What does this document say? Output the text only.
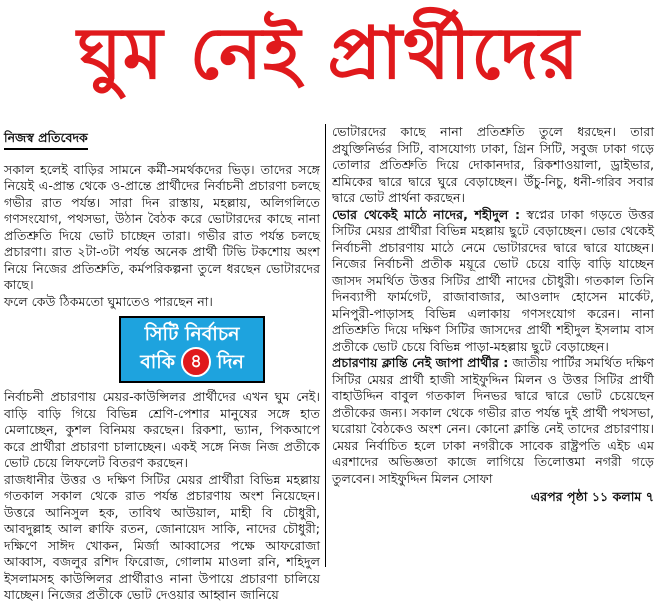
ঘুম নেই প্রার্থীদের
নিজস্ব প্রতিবেদক

সকাল হলেই বাড়ির সামনে কর্মী-সমর্থকদের ভিড়। তাদের সঙ্গে নিয়েই এ-প্রান্ত থেকে ও-প্রান্তে প্রার্থীদের নির্বাচনী প্রচারণা চলছে গভীর রাত পর্যন্ত। সারা দিন রাস্তায়, মহল্লায়, অলিগলিতে গণসংযোগ, পথসভা, উঠান বৈঠক করে ভোটারদের কাছে নানা প্রতিশ্রুতি দিয়ে ভোট চাচ্ছেন তারা। গভীর রাত পর্যন্ত চলছে প্রচারণা। রাত ২টা-৩টা পর্যন্ত অনেক প্রার্থী টিভি টকশোয় অংশ নিয়ে নিজের প্রতিশ্রুতি, কর্মপরিকল্পনা তুলে ধরছেন ভোটারদের কাছে।

ফলে কেউ ঠিকমতো ঘুমাতেও পারছেন না।

সিটি নির্বাচন
বাকি ৪ দিন

নির্বাচনী প্রচারণায় মেয়র-কাউন্সিলর প্রার্থীদের এখন ঘুম নেই। বাড়ি বাড়ি গিয়ে বিভিন্ন শ্রেণি-পেশার মানুষের সঙ্গে হাত মেলাচ্ছেন, কুশল বিনিময় করছেন। রিকশা, ভ্যান, পিকআপে করে প্রার্থীরা প্রচারণা চালাচ্ছেন। একই সঙ্গে নিজ নিজ প্রতীকে ভোট চেয়ে লিফলেট বিতরণ করছেন।

রাজধানীর উত্তর ও দক্ষিণ সিটির মেয়র প্রার্থীরা বিভিন্ন মহল্লায় গতকাল সকাল থেকে রাত পর্যন্ত প্রচারণায় অংশ নিয়েছেন। উত্তরে আনিসুল হক, তাবিথ আউয়াল, মাহী বি চৌধুরী, আবদুল্লাহ আল ক্বাফি রতন, জোনায়েদ সাকি, নাদের চৌধুরী; দক্ষিণে সাঈদ খোকন, মির্জা আব্বাসের পক্ষে আফরোজা আব্বাস, বজলুর রশিদ ফিরোজ, গোলাম মাওলা রনি, শহিদুল ইসলামসহ কাউন্সিলর প্রার্থীরাও নানা উপায়ে প্রচারণা চালিয়ে যাচ্ছেন। নিজের প্রতীকে ভোট দেওয়ার আহ্বান জানিয়ে

ভোটারদের কাছে নানা প্রতিশ্রুতি তুলে ধরছেন। তারা প্রযুক্তিনির্ভর সিটি, বাসযোগ্য ঢাকা, গ্রিন সিটি, সবুজ ঢাকা গড়ে তোলার প্রতিশ্রুতি দিয়ে দোকানদার, রিকশাওয়ালা, ড্রাইভার, শ্রমিকের দ্বারে দ্বারে ঘুরে বেড়াচ্ছেন। উঁচু-নিচু, ধনী-গরিব সবার দ্বারে ভোট প্রার্থনা করছেন।

ভোর থেকেই মাঠে নাদের, শহীদুল : স্বপ্নের ঢাকা গড়তে উত্তর সিটির মেয়র প্রার্থীরা বিভিন্ন মহল্লায় ছুটে বেড়াচ্ছেন। ভোর থেকেই নির্বাচনী প্রচারণায় মাঠে নেমে ভোটারদের দ্বারে দ্বারে যাচ্ছেন। নিজের নির্বাচনী প্রতীক ময়ূরে ভোট চেয়ে বাড়ি বাড়ি যাচ্ছেন জাসদ সমর্থিত উত্তর সিটির প্রার্থী নাদের চৌধুরী। গতকাল তিনি দিনব্যাপী ফার্মগেট, রাজাবাজার, আওলাদ হোসেন মার্কেট, মনিপুরী-পাড়াসহ বিভিন্ন এলাকায় গণসংযোগ করেন। নানা প্রতিশ্রুতি দিয়ে দক্ষিণ সিটির জাসদের প্রার্থী শহীদুল ইসলাম বাস প্রতীকে ভোট চেয়ে বিভিন্ন পাড়া-মহল্লায় ছুটে বেড়াচ্ছেন।

প্রচারণায় ক্লান্তি নেই জাপা প্রার্থীর : জাতীয় পার্টির সমর্থিত দক্ষিণ সিটির মেয়র প্রার্থী হাজী সাইফুদ্দিন মিলন ও উত্তর সিটির প্রার্থী বাহাউদ্দিন বাবুল গতকাল দিনভর দ্বারে দ্বারে ভোট চেয়েছেন প্রতীকের জন্য। সকাল থেকে গভীর রাত পর্যন্ত দুই প্রার্থী পথসভা, ঘরোয়া বৈঠকেও অংশ নেন। কোনো ক্লান্তি নেই তাদের প্রচারণায়। মেয়র নির্বাচিত হলে ঢাকা নগরীকে সাবেক রাষ্ট্রপতি এইচ এম এরশাদের অভিজ্ঞতা কাজে লাগিয়ে তিলোত্তমা নগরী গড়ে তুলবেন। সাইফুদ্দিন মিলন সোফা

এরপর পৃষ্ঠা ১১ কলাম ৭
